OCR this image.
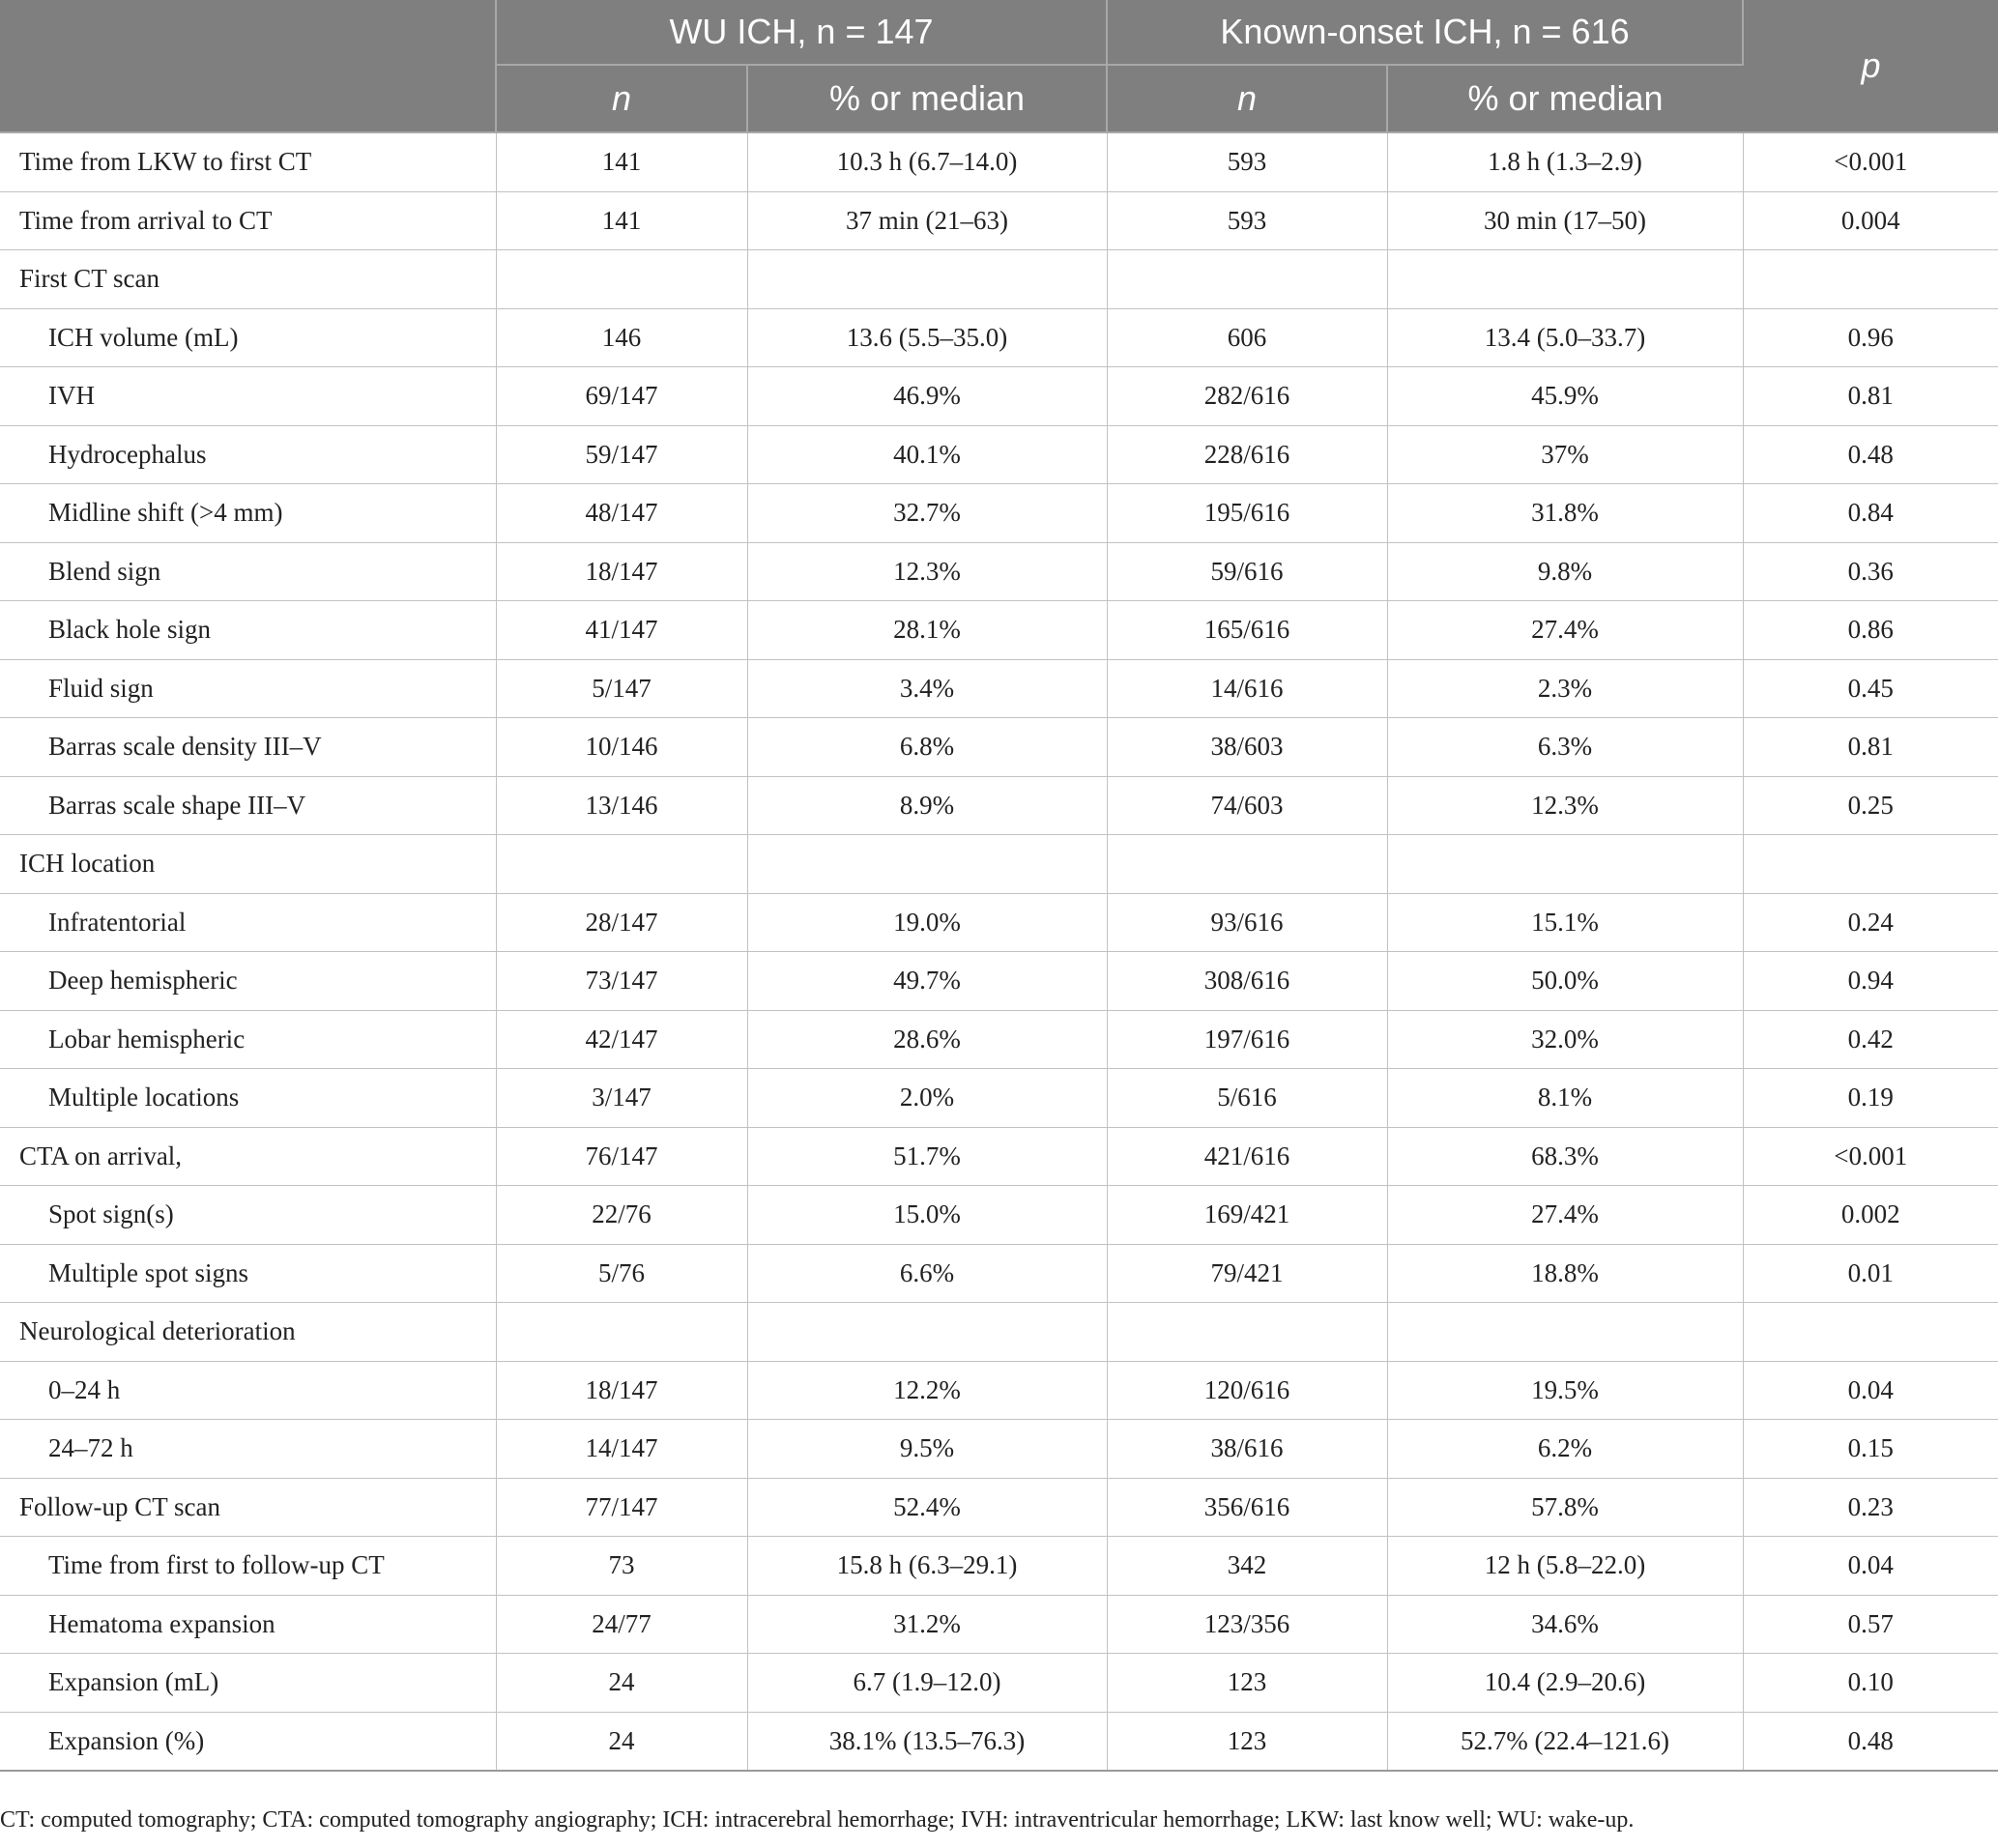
	WU ICH, n = 147		Known-onset ICH, n = 616		p
	n	% or median	n	% or median	
Time from LKW to first CT	141	10.3 h (6.7–14.0)	593	1.8 h (1.3–2.9)	<0.001
Time from arrival to CT	141	37 min (21–63)	593	30 min (17–50)	0.004
First CT scan					
ICH volume (mL)	146	13.6 (5.5–35.0)	606	13.4 (5.0–33.7)	0.96
IVH	69/147	46.9%	282/616	45.9%	0.81
Hydrocephalus	59/147	40.1%	228/616	37%	0.48
Midline shift (>4 mm)	48/147	32.7%	195/616	31.8%	0.84
Blend sign	18/147	12.3%	59/616	9.8%	0.36
Black hole sign	41/147	28.1%	165/616	27.4%	0.86
Fluid sign	5/147	3.4%	14/616	2.3%	0.45
Barras scale density III–V	10/146	6.8%	38/603	6.3%	0.81
Barras scale shape III–V	13/146	8.9%	74/603	12.3%	0.25
ICH location					
Infratentorial	28/147	19.0%	93/616	15.1%	0.24
Deep hemispheric	73/147	49.7%	308/616	50.0%	0.94
Lobar hemispheric	42/147	28.6%	197/616	32.0%	0.42
Multiple locations	3/147	2.0%	5/616	8.1%	0.19
CTA on arrival,	76/147	51.7%	421/616	68.3%	<0.001
Spot sign(s)	22/76	15.0%	169/421	27.4%	0.002
Multiple spot signs	5/76	6.6%	79/421	18.8%	0.01
Neurological deterioration					
0–24 h	18/147	12.2%	120/616	19.5%	0.04
24–72 h	14/147	9.5%	38/616	6.2%	0.15
Follow-up CT scan	77/147	52.4%	356/616	57.8%	0.23
Time from first to follow-up CT	73	15.8 h (6.3–29.1)	342	12 h (5.8–22.0)	0.04
Hematoma expansion	24/77	31.2%	123/356	34.6%	0.57
Expansion (mL)	24	6.7 (1.9–12.0)	123	10.4 (2.9–20.6)	0.10
Expansion (%)	24	38.1% (13.5–76.3)	123	52.7% (22.4–121.6)	0.48
CT: computed tomography; CTA: computed tomography angiography; ICH: intracerebral hemorrhage; IVH: intraventricular hemorrhage; LKW: last know well; WU: wake-up.
